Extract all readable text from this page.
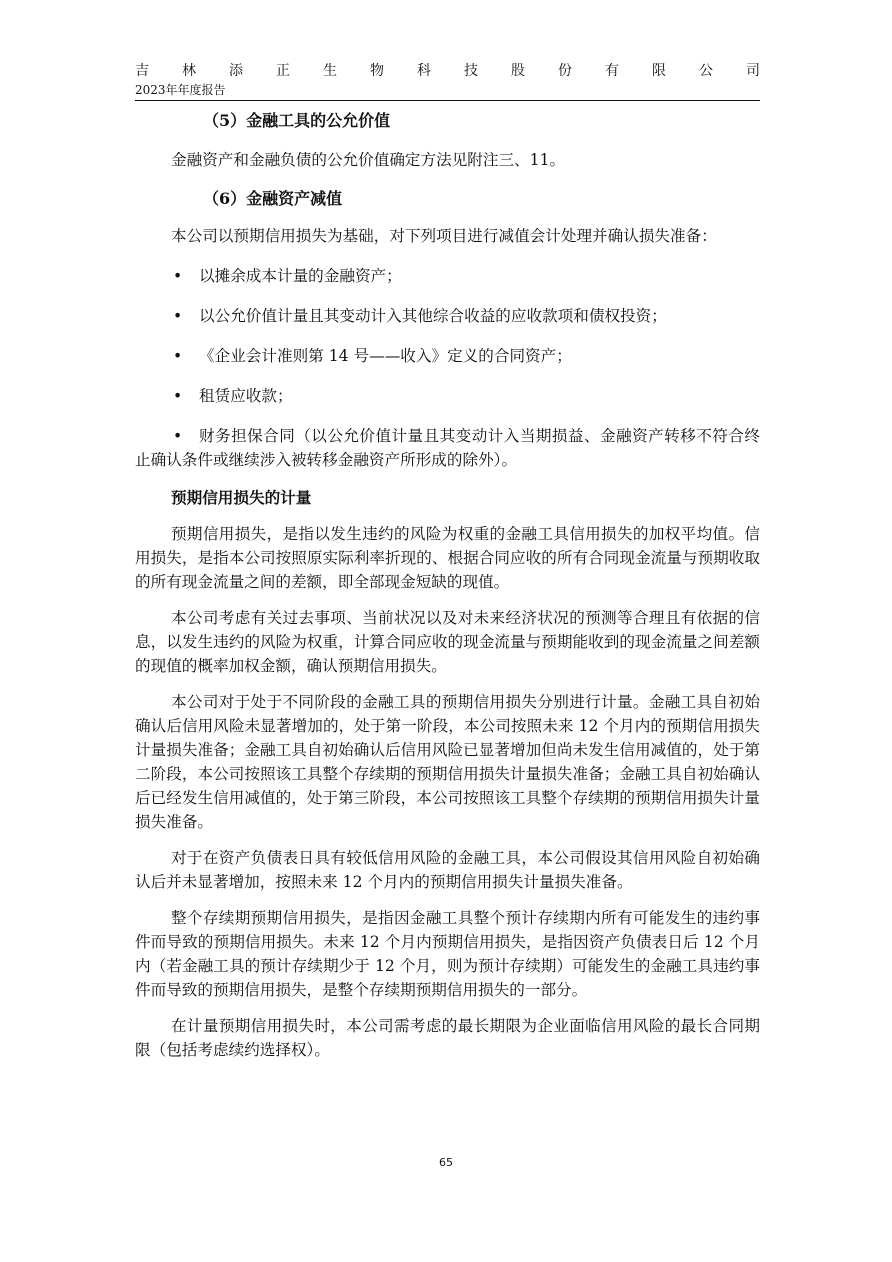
吉 林 添 正 生 物 科 技 股 份 有 限 公 司
2023年年度报告

（5）金融工具的公允价值

金融资产和金融负债的公允价值确定方法见附注三、11。

（6）金融资产减值

本公司以预期信用损失为基础，对下列项目进行减值会计处理并确认损失准备：

•	以摊余成本计量的金融资产；

•	以公允价值计量且其变动计入其他综合收益的应收款项和债权投资；

•	《企业会计准则第 14 号——收入》定义的合同资产；

•	租赁应收款；

•	财务担保合同（以公允价值计量且其变动计入当期损益、金融资产转移不符合终止确认条件或继续涉入被转移金融资产所形成的除外）。

预期信用损失的计量

预期信用损失，是指以发生违约的风险为权重的金融工具信用损失的加权平均值。信用损失，是指本公司按照原实际利率折现的、根据合同应收的所有合同现金流量与预期收取的所有现金流量之间的差额，即全部现金短缺的现值。

本公司考虑有关过去事项、当前状况以及对未来经济状况的预测等合理且有依据的信息，以发生违约的风险为权重，计算合同应收的现金流量与预期能收到的现金流量之间差额的现值的概率加权金额，确认预期信用损失。

本公司对于处于不同阶段的金融工具的预期信用损失分别进行计量。金融工具自初始确认后信用风险未显著增加的，处于第一阶段，本公司按照未来 12 个月内的预期信用损失计量损失准备；金融工具自初始确认后信用风险已显著增加但尚未发生信用减值的，处于第二阶段，本公司按照该工具整个存续期的预期信用损失计量损失准备；金融工具自初始确认后已经发生信用减值的，处于第三阶段，本公司按照该工具整个存续期的预期信用损失计量损失准备。

对于在资产负债表日具有较低信用风险的金融工具，本公司假设其信用风险自初始确认后并未显著增加，按照未来 12 个月内的预期信用损失计量损失准备。

整个存续期预期信用损失，是指因金融工具整个预计存续期内所有可能发生的违约事件而导致的预期信用损失。未来 12 个月内预期信用损失，是指因资产负债表日后 12 个月内（若金融工具的预计存续期少于 12 个月，则为预计存续期）可能发生的金融工具违约事件而导致的预期信用损失，是整个存续期预期信用损失的一部分。

在计量预期信用损失时，本公司需考虑的最长期限为企业面临信用风险的最长合同期限（包括考虑续约选择权）。

65
